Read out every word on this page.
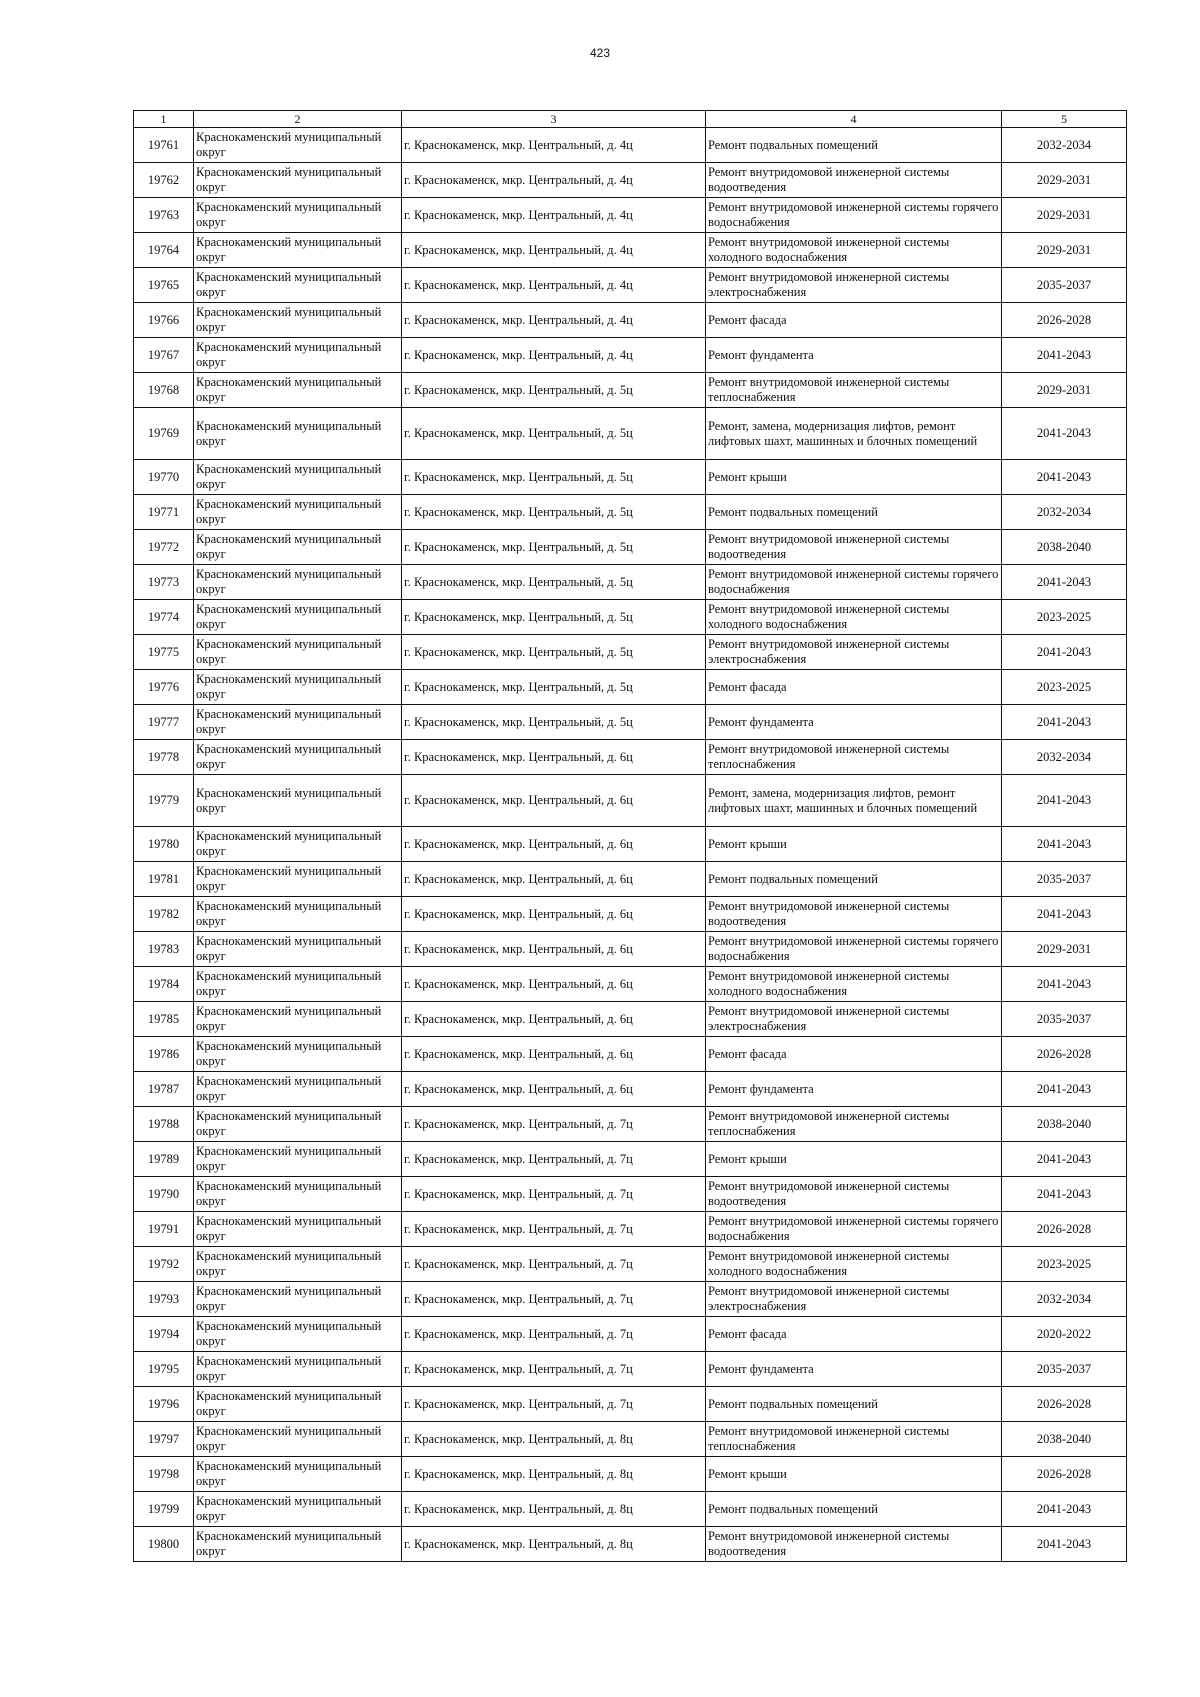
423
1	2	3	4	5
19761	Краснокаменский муниципальный округ	г. Краснокаменск, мкр. Центральный, д. 4ц	Ремонт подвальных помещений	2032-2034
19762	Краснокаменский муниципальный округ	г. Краснокаменск, мкр. Центральный, д. 4ц	Ремонт внутридомовой инженерной системы водоотведения	2029-2031
19763	Краснокаменский муниципальный округ	г. Краснокаменск, мкр. Центральный, д. 4ц	Ремонт внутридомовой инженерной системы горячего водоснабжения	2029-2031
19764	Краснокаменский муниципальный округ	г. Краснокаменск, мкр. Центральный, д. 4ц	Ремонт внутридомовой инженерной системы холодного водоснабжения	2029-2031
19765	Краснокаменский муниципальный округ	г. Краснокаменск, мкр. Центральный, д. 4ц	Ремонт внутридомовой инженерной системы электроснабжения	2035-2037
19766	Краснокаменский муниципальный округ	г. Краснокаменск, мкр. Центральный, д. 4ц	Ремонт фасада	2026-2028
19767	Краснокаменский муниципальный округ	г. Краснокаменск, мкр. Центральный, д. 4ц	Ремонт фундамента	2041-2043
19768	Краснокаменский муниципальный округ	г. Краснокаменск, мкр. Центральный, д. 5ц	Ремонт внутридомовой инженерной системы теплоснабжения	2029-2031
19769	Краснокаменский муниципальный округ	г. Краснокаменск, мкр. Центральный, д. 5ц	Ремонт, замена, модернизация лифтов, ремонт лифтовых шахт, машинных и блочных помещений	2041-2043
19770	Краснокаменский муниципальный округ	г. Краснокаменск, мкр. Центральный, д. 5ц	Ремонт крыши	2041-2043
19771	Краснокаменский муниципальный округ	г. Краснокаменск, мкр. Центральный, д. 5ц	Ремонт подвальных помещений	2032-2034
19772	Краснокаменский муниципальный округ	г. Краснокаменск, мкр. Центральный, д. 5ц	Ремонт внутридомовой инженерной системы водоотведения	2038-2040
19773	Краснокаменский муниципальный округ	г. Краснокаменск, мкр. Центральный, д. 5ц	Ремонт внутридомовой инженерной системы горячего водоснабжения	2041-2043
19774	Краснокаменский муниципальный округ	г. Краснокаменск, мкр. Центральный, д. 5ц	Ремонт внутридомовой инженерной системы холодного водоснабжения	2023-2025
19775	Краснокаменский муниципальный округ	г. Краснокаменск, мкр. Центральный, д. 5ц	Ремонт внутридомовой инженерной системы электроснабжения	2041-2043
19776	Краснокаменский муниципальный округ	г. Краснокаменск, мкр. Центральный, д. 5ц	Ремонт фасада	2023-2025
19777	Краснокаменский муниципальный округ	г. Краснокаменск, мкр. Центральный, д. 5ц	Ремонт фундамента	2041-2043
19778	Краснокаменский муниципальный округ	г. Краснокаменск, мкр. Центральный, д. 6ц	Ремонт внутридомовой инженерной системы теплоснабжения	2032-2034
19779	Краснокаменский муниципальный округ	г. Краснокаменск, мкр. Центральный, д. 6ц	Ремонт, замена, модернизация лифтов, ремонт лифтовых шахт, машинных и блочных помещений	2041-2043
19780	Краснокаменский муниципальный округ	г. Краснокаменск, мкр. Центральный, д. 6ц	Ремонт крыши	2041-2043
19781	Краснокаменский муниципальный округ	г. Краснокаменск, мкр. Центральный, д. 6ц	Ремонт подвальных помещений	2035-2037
19782	Краснокаменский муниципальный округ	г. Краснокаменск, мкр. Центральный, д. 6ц	Ремонт внутридомовой инженерной системы водоотведения	2041-2043
19783	Краснокаменский муниципальный округ	г. Краснокаменск, мкр. Центральный, д. 6ц	Ремонт внутридомовой инженерной системы горячего водоснабжения	2029-2031
19784	Краснокаменский муниципальный округ	г. Краснокаменск, мкр. Центральный, д. 6ц	Ремонт внутридомовой инженерной системы холодного водоснабжения	2041-2043
19785	Краснокаменский муниципальный округ	г. Краснокаменск, мкр. Центральный, д. 6ц	Ремонт внутридомовой инженерной системы электроснабжения	2035-2037
19786	Краснокаменский муниципальный округ	г. Краснокаменск, мкр. Центральный, д. 6ц	Ремонт фасада	2026-2028
19787	Краснокаменский муниципальный округ	г. Краснокаменск, мкр. Центральный, д. 6ц	Ремонт фундамента	2041-2043
19788	Краснокаменский муниципальный округ	г. Краснокаменск, мкр. Центральный, д. 7ц	Ремонт внутридомовой инженерной системы теплоснабжения	2038-2040
19789	Краснокаменский муниципальный округ	г. Краснокаменск, мкр. Центральный, д. 7ц	Ремонт крыши	2041-2043
19790	Краснокаменский муниципальный округ	г. Краснокаменск, мкр. Центральный, д. 7ц	Ремонт внутридомовой инженерной системы водоотведения	2041-2043
19791	Краснокаменский муниципальный округ	г. Краснокаменск, мкр. Центральный, д. 7ц	Ремонт внутридомовой инженерной системы горячего водоснабжения	2026-2028
19792	Краснокаменский муниципальный округ	г. Краснокаменск, мкр. Центральный, д. 7ц	Ремонт внутридомовой инженерной системы холодного водоснабжения	2023-2025
19793	Краснокаменский муниципальный округ	г. Краснокаменск, мкр. Центральный, д. 7ц	Ремонт внутридомовой инженерной системы электроснабжения	2032-2034
19794	Краснокаменский муниципальный округ	г. Краснокаменск, мкр. Центральный, д. 7ц	Ремонт фасада	2020-2022
19795	Краснокаменский муниципальный округ	г. Краснокаменск, мкр. Центральный, д. 7ц	Ремонт фундамента	2035-2037
19796	Краснокаменский муниципальный округ	г. Краснокаменск, мкр. Центральный, д. 7ц	Ремонт подвальных помещений	2026-2028
19797	Краснокаменский муниципальный округ	г. Краснокаменск, мкр. Центральный, д. 8ц	Ремонт внутридомовой инженерной системы теплоснабжения	2038-2040
19798	Краснокаменский муниципальный округ	г. Краснокаменск, мкр. Центральный, д. 8ц	Ремонт крыши	2026-2028
19799	Краснокаменский муниципальный округ	г. Краснокаменск, мкр. Центральный, д. 8ц	Ремонт подвальных помещений	2041-2043
19800	Краснокаменский муниципальный округ	г. Краснокаменск, мкр. Центральный, д. 8ц	Ремонт внутридомовой инженерной системы водоотведения	2041-2043
